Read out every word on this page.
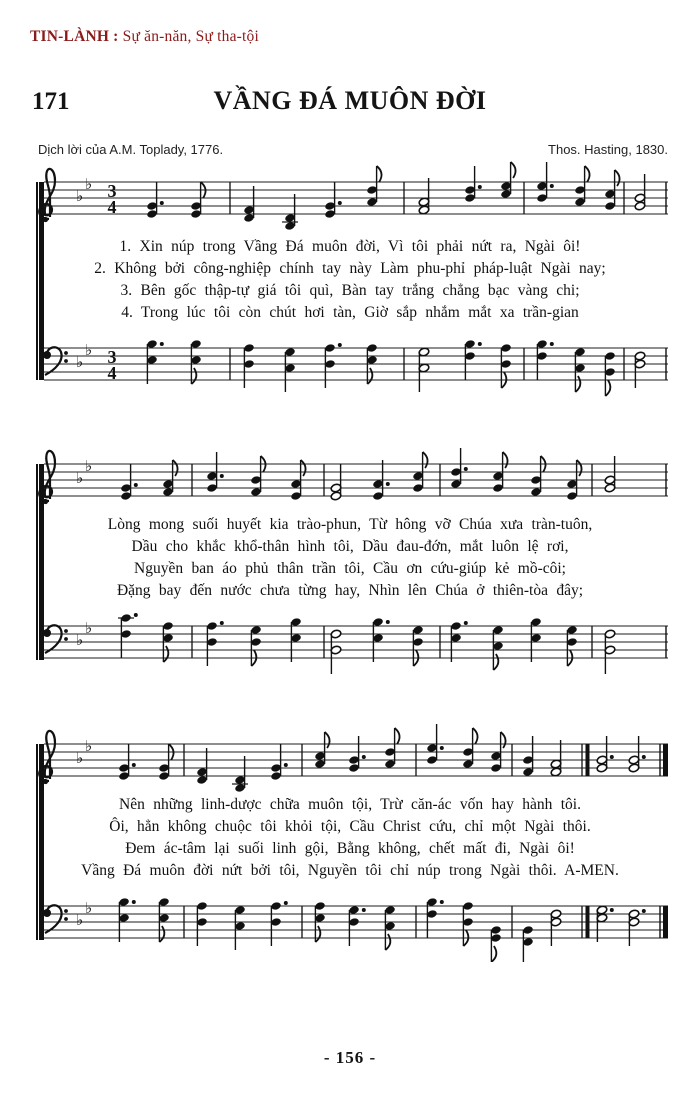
TIN-LÀNH : Sự ăn-năn, Sự tha-tội
171	VẦNG ĐÁ MUÔN ĐỜI
Dịch lời của A.M. Toplady, 1776.	Thos. Hasting, 1830.
♭
♭ 3
4
1. Xin núp trong Vầng Đá muôn đời, Vì tôi phải nứt ra, Ngài ôi!
2. Không bởi công-nghiệp chính tay này Làm phu-phỉ pháp-luật Ngài nay;
3. Bên gốc thập-tự giá tôi quì, Bàn tay trắng chẳng bạc vàng chi;
4. Trong lúc tôi còn chút hơi tàn, Giờ sắp nhắm mắt xa trần-gian
♭
♭ 3
4
♭
♭
Lòng mong suối huyết kia trào-phun, Từ hông vỡ Chúa xưa tràn-tuôn,
Dầu cho khắc khổ-thân hình tôi, Dầu đau-đớn, mắt luôn lệ rơi,
Nguyền ban áo phủ thân trần tôi, Cầu ơn cứu-giúp kẻ mồ-côi;
Đặng bay đến nước chưa từng hay, Nhìn lên Chúa ở thiên-tòa đây;
♭
♭
♭
♭
Nên những linh-dược chữa muôn tội, Trừ căn-ác vốn hay hành tôi.
Ôi, hẳn không chuộc tôi khỏi tội, Cầu Christ cứu, chỉ một Ngài thôi.
Đem ác-tâm lại suối linh gội, Bằng không, chết mất đi, Ngài ôi!
Vầng Đá muôn đời nứt bởi tôi, Nguyền tôi chỉ núp trong Ngài thôi. A-MEN.
♭
♭
- 156 -
